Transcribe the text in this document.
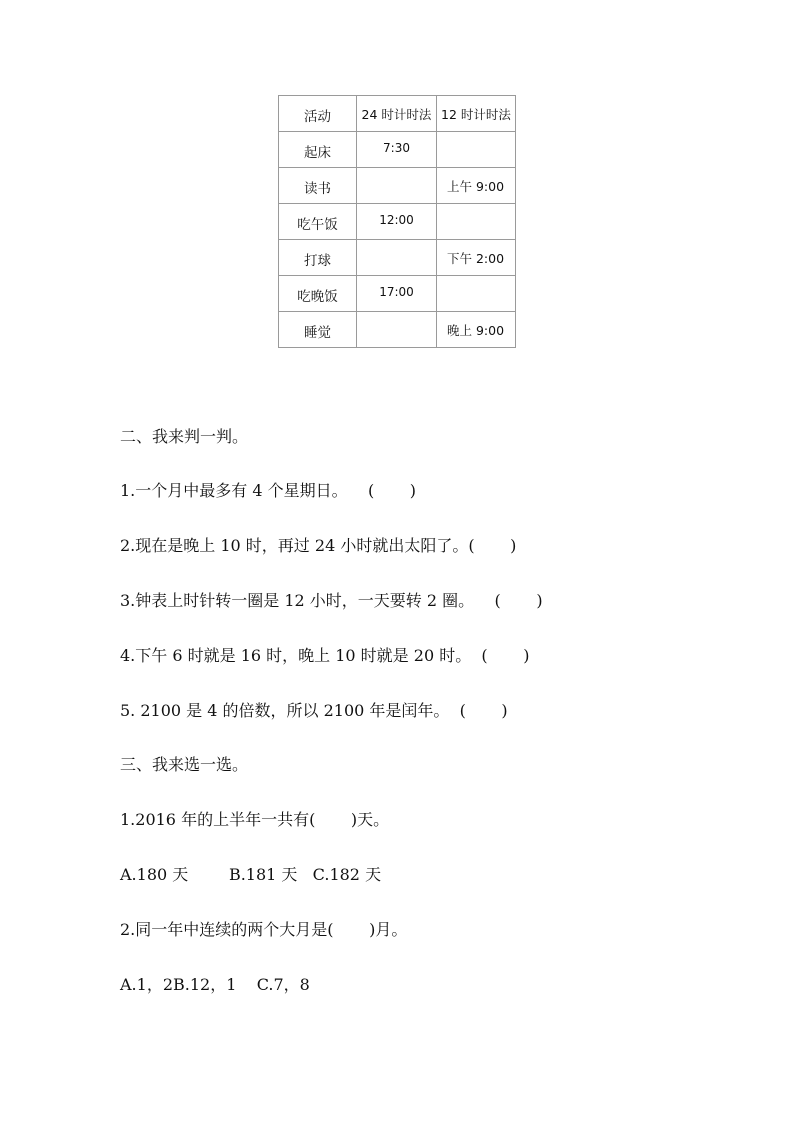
活动	24 时计时法	12 时计时法
起床	7:30	
读书		上午 9:00
吃午饭	12:00	
打球		下午 2:00
吃晚饭	17:00	
睡觉		晚上 9:00
二、我来判一判。
1.一个月中最多有 4 个星期日。    (       )
2.现在是晚上 10 时，再过 24 小时就出太阳了。(       )
3.钟表上时针转一圈是 12 小时，一天要转 2 圈。    (       )
4.下午 6 时就是 16 时，晚上 10 时就是 20 时。  (       )
5. 2100 是 4 的倍数，所以 2100 年是闰年。  (       )
三、我来选一选。
1.2016 年的上半年一共有(       )天。
A.180 天        B.181 天   C.182 天
2.同一年中连续的两个大月是(       )月。
A.1，2B.12，1    C.7，8
